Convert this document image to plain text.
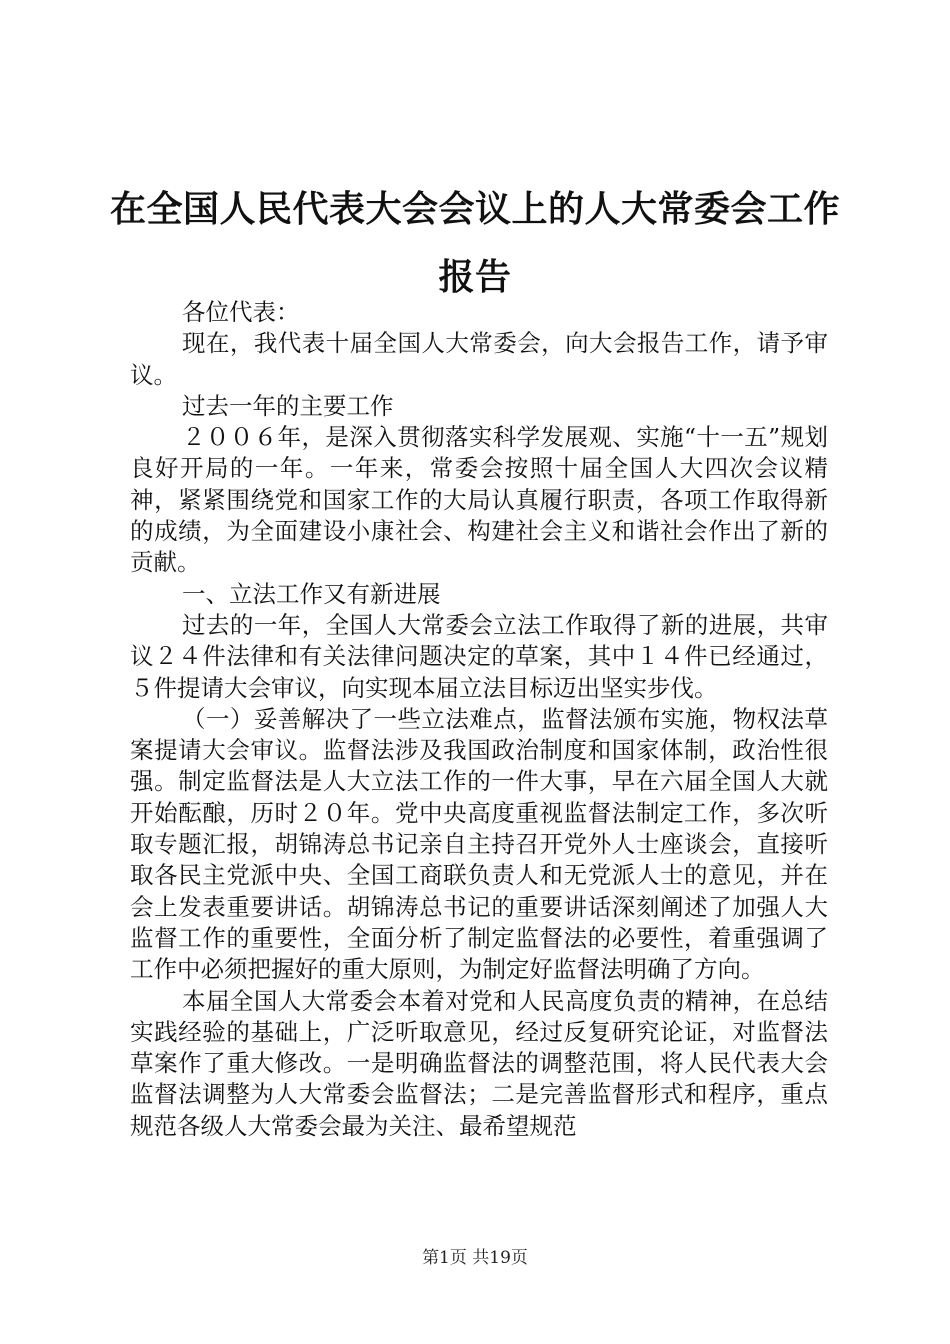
在全国人民代表大会会议上的人大常委会工作报告

各位代表：

现在，我代表十届全国人大常委会，向大会报告工作，请予审议。

过去一年的主要工作

２００６年，是深入贯彻落实科学发展观、实施“十一五”规划良好开局的一年。一年来，常委会按照十届全国人大四次会议精神，紧紧围绕党和国家工作的大局认真履行职责，各项工作取得新的成绩，为全面建设小康社会、构建社会主义和谐社会作出了新的贡献。

一、立法工作又有新进展

过去的一年，全国人大常委会立法工作取得了新的进展，共审议２４件法律和有关法律问题决定的草案，其中１４件已经通过，５件提请大会审议，向实现本届立法目标迈出坚实步伐。

（一）妥善解决了一些立法难点，监督法颁布实施，物权法草案提请大会审议。监督法涉及我国政治制度和国家体制，政治性很强。制定监督法是人大立法工作的一件大事，早在六届全国人大就开始酝酿，历时２０年。党中央高度重视监督法制定工作，多次听取专题汇报，胡锦涛总书记亲自主持召开党外人士座谈会，直接听取各民主党派中央、全国工商联负责人和无党派人士的意见，并在会上发表重要讲话。胡锦涛总书记的重要讲话深刻阐述了加强人大监督工作的重要性，全面分析了制定监督法的必要性，着重强调了工作中必须把握好的重大原则，为制定好监督法明确了方向。

本届全国人大常委会本着对党和人民高度负责的精神，在总结实践经验的基础上，广泛听取意见，经过反复研究论证，对监督法草案作了重大修改。一是明确监督法的调整范围，将人民代表大会监督法调整为人大常委会监督法；二是完善监督形式和程序，重点规范各级人大常委会最为关注、最希望规范

第1页 共19页
